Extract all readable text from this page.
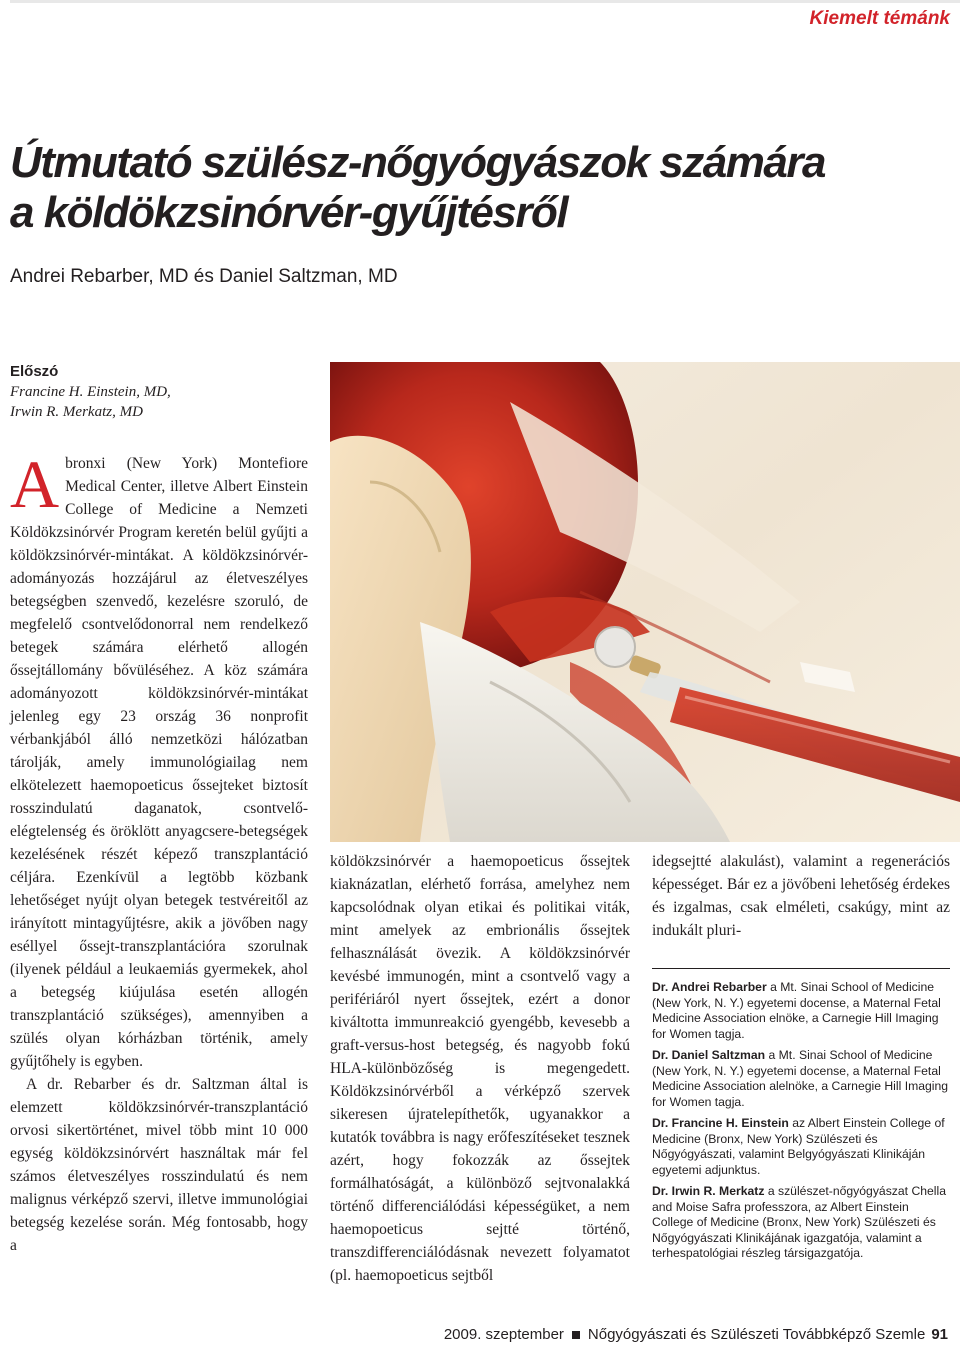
Kiemelt témánk
Útmutató szülész-nőgyógyászok számára
a köldökzsinórvér-gyűjtésről
Andrei Rebarber, MD és Daniel Saltzman, MD
Előszó
Francine H. Einstein, MD,
Irwin R. Merkatz, MD
A bronxi (New York) Montefiore Medical Center, illetve Albert Einstein College of Medicine a Nemzeti Köldökzsinórvér Program keretén belül gyűjti a köldökzsinórvér-mintákat. A köldökzsinórvér-adományozás hozzájárul az életveszélyes betegségben szenvedő, kezelésre szoruló, de megfelelő csontvelődonorral nem rendelkező betegek számára elérhető allogén őssejtállomány bővüléséhez. A köz számára adományozott köldökzsinórvér-mintákat jelenleg egy 23 ország 36 nonprofit vérbankjából álló nemzetközi hálózatban tárolják, amely immunológiailag nem elkötelezett haemopoeticus őssejteket biztosít rosszindulatú daganatok, csontvelő-elégtelenség és öröklött anyagcsere-betegségek kezelésének részét képező transzplantáció céljára. Ezenkívül a legtöbb közbank lehetőséget nyújt olyan betegek testvéreitől az irányított mintagyűjtésre, akik a jövőben nagy eséllyel őssejt-transzplantációra szorulnak (ilyenek például a leukaemiás gyermekek, ahol a betegség kiújulása esetén allogén transzplantáció szükséges), amennyiben a szülés olyan kórházban történik, amely gyűjtőhely is egyben.

A dr. Rebarber és dr. Saltzman által is elemzett köldökzsinórvér-transzplantáció orvosi sikertörténet, mivel több mint 10 000 egység köldökzsinórvért használtak már fel számos életveszélyes rosszindulatú és nem malignus vérképző szervi, illetve immunológiai betegség kezelése során. Még fontosabb, hogy a

köldökzsinórvér a haemopoeticus őssejtek kiaknázatlan, elérhető forrása, amelyhez nem kapcsolódnak olyan etikai és politikai viták, mint amelyek az embrionális őssejtek felhasználását övezik. A köldökzsinórvér kevésbé immunogén, mint a csontvelő vagy a perifériáról nyert őssejtek, ezért a donor kiváltotta immunreakció gyengébb, kevesebb a graft-versus-host betegség, és nagyobb fokú HLA-különbözőség is megengedett. Köldökzsinórvérből a vérképző szervek sikeresen újratelepíthetők, ugyanakkor a kutatók továbbra is nagy erőfeszítéseket tesznek azért, hogy fokozzák az őssejtek formálhatóságát, a különböző sejtvonalakká történő differenciálódási képességüket, a nem haemopoeticus sejtté történő, transzdifferenciálódásnak nevezett folyamatot (pl. haemopoeticus sejtből
idegsejtté alakulást), valamint a regenerációs képességet. Bár ez a jövőbeni lehetőség érdekes és izgalmas, csak elméleti, csakúgy, mint az indukált pluri-
Dr. Andrei Rebarber a Mt. Sinai School of Medicine (New York, N. Y.) egyetemi docense, a Maternal Fetal Medicine Association elnöke, a Carnegie Hill Imaging for Women tagja.
Dr. Daniel Saltzman a Mt. Sinai School of Medicine (New York, N. Y.) egyetemi docense, a Maternal Fetal Medicine Association alelnöke, a Carnegie Hill Imaging for Women tagja.
Dr. Francine H. Einstein az Albert Einstein College of Medicine (Bronx, New York) Szülészeti és Nőgyógyászati, valamint Belgyógyászati Klinikáján egyetemi adjunktus.
Dr. Irwin R. Merkatz a szülészet-nőgyógyászat Chella and Moise Safra professzora, az Albert Einstein College of Medicine (Bronx, New York) Szülészeti és Nőgyógyászati Klinikájának igazgatója, valamint a terhespatológiai részleg társigazgatója.
2009. szeptember Nőgyógyászati és Szülészeti Továbbképző Szemle 91
